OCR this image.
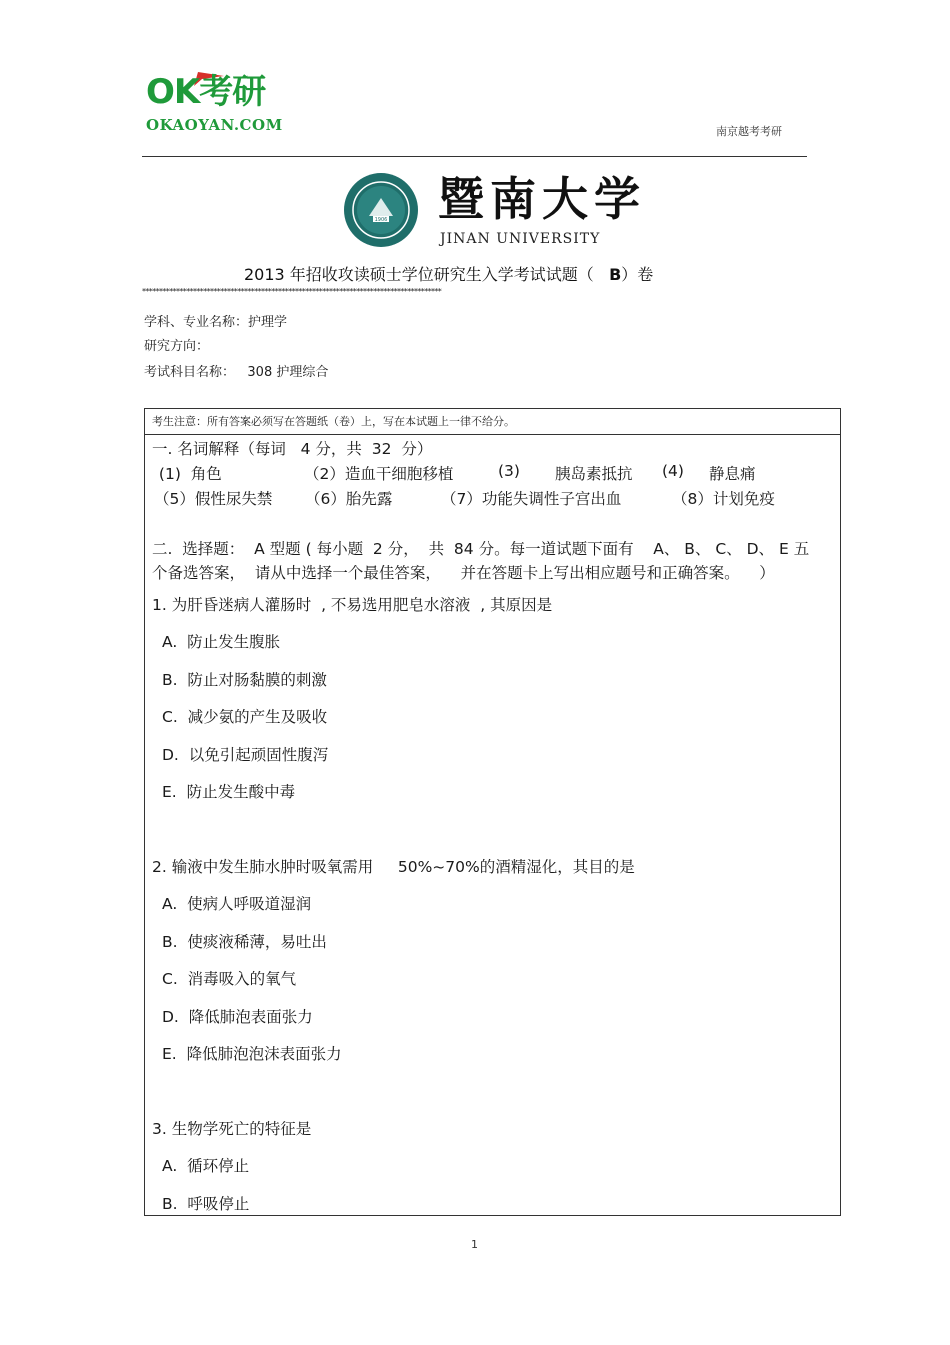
OK考研
OKAOYAN.COM	南京越考考研
1906 暨南大学
JINAN UNIVERSITY
2013 年招收攻读硕士学位研究生入学考试试题（ B）卷
****************************************************************************************
学科、专业名称：护理学
研究方向：
考试科目名称：   308 护理综合
考生注意：所有答案必须写在答题纸（卷）上，写在本试题上一律不给分。
一. 名词解释（每词   4 分，共  32  分）
(1)  角色	（2）造血干细胞移植	(3) 胰岛素抵抗 (4) 静息痛
（5）假性尿失禁 （6）胎先露	（7）功能失调性子宫出血	（8）计划免疫
二.  选择题：  A 型题 ( 每小题  2 分，  共  84 分。每一道试题下面有    A、 B、 C、 D、 E 五
个备选答案，  请从中选择一个最佳答案，    并在答题卡上写出相应题号和正确答案。    ）
1. 为肝昏迷病人灌肠时  , 不易选用肥皂水溶液  , 其原因是
A.  防止发生腹胀
B.  防止对肠黏膜的刺激
C.  减少氨的产生及吸收
D.  以免引起顽固性腹泻
E.  防止发生酸中毒
2. 输液中发生肺水肿时吸氧需用     50%~70%的酒精湿化，其目的是
A.  使病人呼吸道湿润
B.  使痰液稀薄，易吐出
C.  消毒吸入的氧气
D.  降低肺泡表面张力
E.  降低肺泡泡沫表面张力
3. 生物学死亡的特征是
A.  循环停止
B.  呼吸停止
1
